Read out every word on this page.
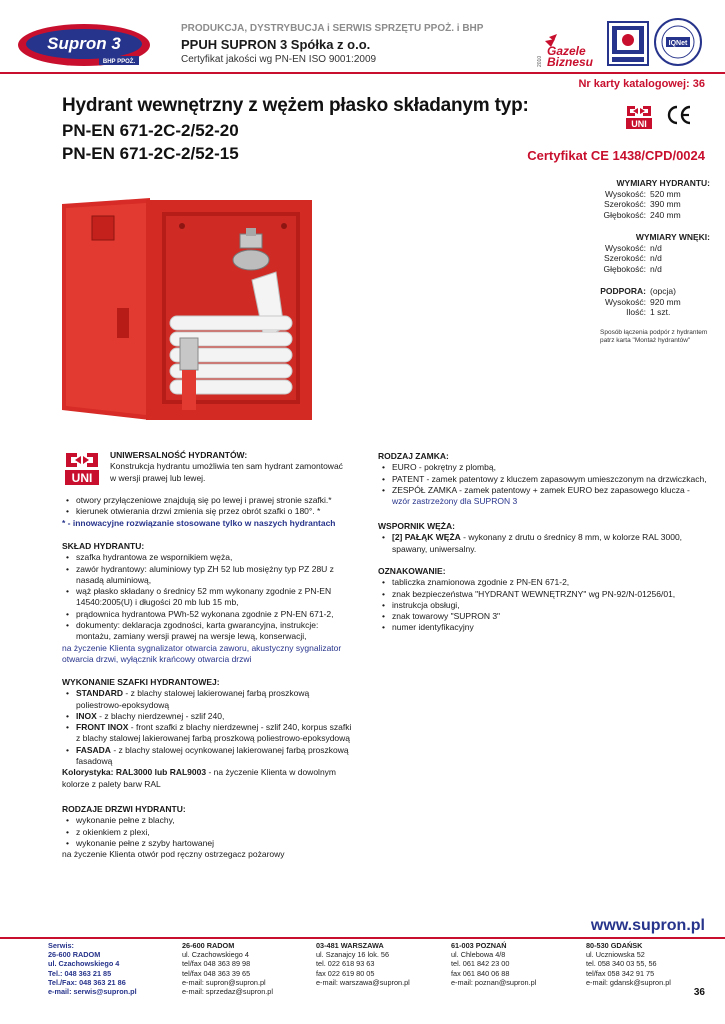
Supron 3
BHP PPOŻ.
PRODUKCJA, DYSTRYBUCJA i SERWIS SPRZĘTU PPOŻ. i BHP
PPUH SUPRON 3 Spółka z o.o.
Certyfikat jakości wg PN-EN ISO 9001:2009
Gazele
Biznesu
2010
IQNet
Nr karty katalogowej: 36
Hydrant wewnętrzny z wężem płasko składanym typ:
PN-EN 671-2C-2/52-20
PN-EN 671-2C-2/52-15
UNI
Certyfikat CE 1438/CPD/0024
WYMIARY HYDRANTU:
Wysokość: 520 mm
Szerokość: 390 mm
Głębokość: 240 mm
WYMIARY WNĘKI:
Wysokość: n/d
Szerokość: n/d
Głębokość: n/d
PODPORA: (opcja)
Wysokość: 920 mm
Ilość: 1 szt.
Sposób łączenia podpór z hydrantem patrz karta "Montaż hydrantów"
UNI
UNIWERSALNOŚĆ HYDRANTÓW:

Konstrukcja hydrantu umożliwia ten sam hydrant zamontować w wersji prawej lub lewej.

• otwory przyłączeniowe znajdują się po lewej i prawej stronie szafki.*
• kierunek otwierania drzwi zmienia się przez obrót szafki o 180°. *

* - innowacyjne rozwiązanie stosowane tylko w naszych hydrantach

SKŁAD HYDRANTU:
• szafka hydrantowa ze wspornikiem węża,
• zawór hydrantowy: aluminiowy typ ZH 52 lub mosiężny typ PZ 28U z nasadą aluminiową,
• wąż płasko składany o średnicy 52 mm wykonany zgodnie z PN-EN 14540:2005(U) i długości 20 mb lub 15 mb,
• prądownica hydrantowa PWh-52 wykonana zgodnie z PN-EN 671-2,
• dokumenty: deklaracja zgodności, karta gwarancyjna, instrukcje: montażu, zamiany wersji prawej na wersje lewą, konserwacji,

na życzenie Klienta sygnalizator otwarcia zaworu, akustyczny sygnalizator otwarcia drzwi, wyłącznik krańcowy otwarcia drzwi

WYKONANIE SZAFKI HYDRANTOWEJ:
• STANDARD - z blachy stalowej lakierowanej farbą proszkową poliestrowo-epoksydową
• INOX - z blachy nierdzewnej - szlif 240,
• FRONT INOX - front szafki z blachy nierdzewnej - szlif 240, korpus szafki z blachy stalowej lakierowanej farbą proszkową poliestrowo-epoksydową
• FASADA - z blachy stalowej ocynkowanej lakierowanej farbą proszkową fasadową

Kolorystyka: RAL3000 lub RAL9003 - na życzenie Klienta w dowolnym kolorze z palety barw RAL

RODZAJE DRZWI HYDRANTU:
• wykonanie pełne z blachy,
• z okienkiem z plexi,
• wykonanie pełne z szyby hartowanej

na życzenie Klienta otwór pod ręczny ostrzegacz pożarowy

RODZAJ ZAMKA:
• EURO - pokrętny z plombą,
• PATENT - zamek patentowy z kluczem zapasowym umieszczonym na drzwiczkach,
• ZESPÓŁ ZAMKA - zamek patentowy + zamek EURO bez zapasowego klucza - wzór zastrzeżony dla SUPRON 3
WSPORNIK WĘŻA:
• [2] PAŁĄK WĘŻA - wykonany z drutu o średnicy 8 mm, w kolorze RAL 3000, spawany, uniwersalny.
OZNAKOWANIE:
• tabliczka znamionowa zgodnie z PN-EN 671-2,
• znak bezpieczeństwa "HYDRANT WEWNĘTRZNY" wg PN-92/N-01256/01,
• instrukcja obsługi,
• znak towarowy "SUPRON 3"
• numer identyfikacyjny
www.supron.pl
Serwis:
26-600 RADOM
ul. Czachowskiego 4
Tel.: 048 363 21 85
Tel./Fax: 048 363 21 86
e-mail: serwis@supron.pl
26-600 RADOM
ul. Czachowskiego 4
tel/fax 048 363 89 98
tel/fax 048 363 39 65
e-mail: supron@supron.pl
e-mail: sprzedaz@supron.pl
03-481 WARSZAWA
ul. Szanajcy 16 lok. 56
tel. 022 618 93 63
fax 022 619 80 05
e-mail: warszawa@supron.pl
61-003 POZNAŃ
ul. Chlebowa 4/8
tel. 061 842 23 00
fax 061 840 06 88
e-mail: poznan@supron.pl
80-530 GDAŃSK
ul. Uczniowska 52
tel. 058 340 03 55, 56
tel/fax 058 342 91 75
e-mail: gdansk@supron.pl
36
